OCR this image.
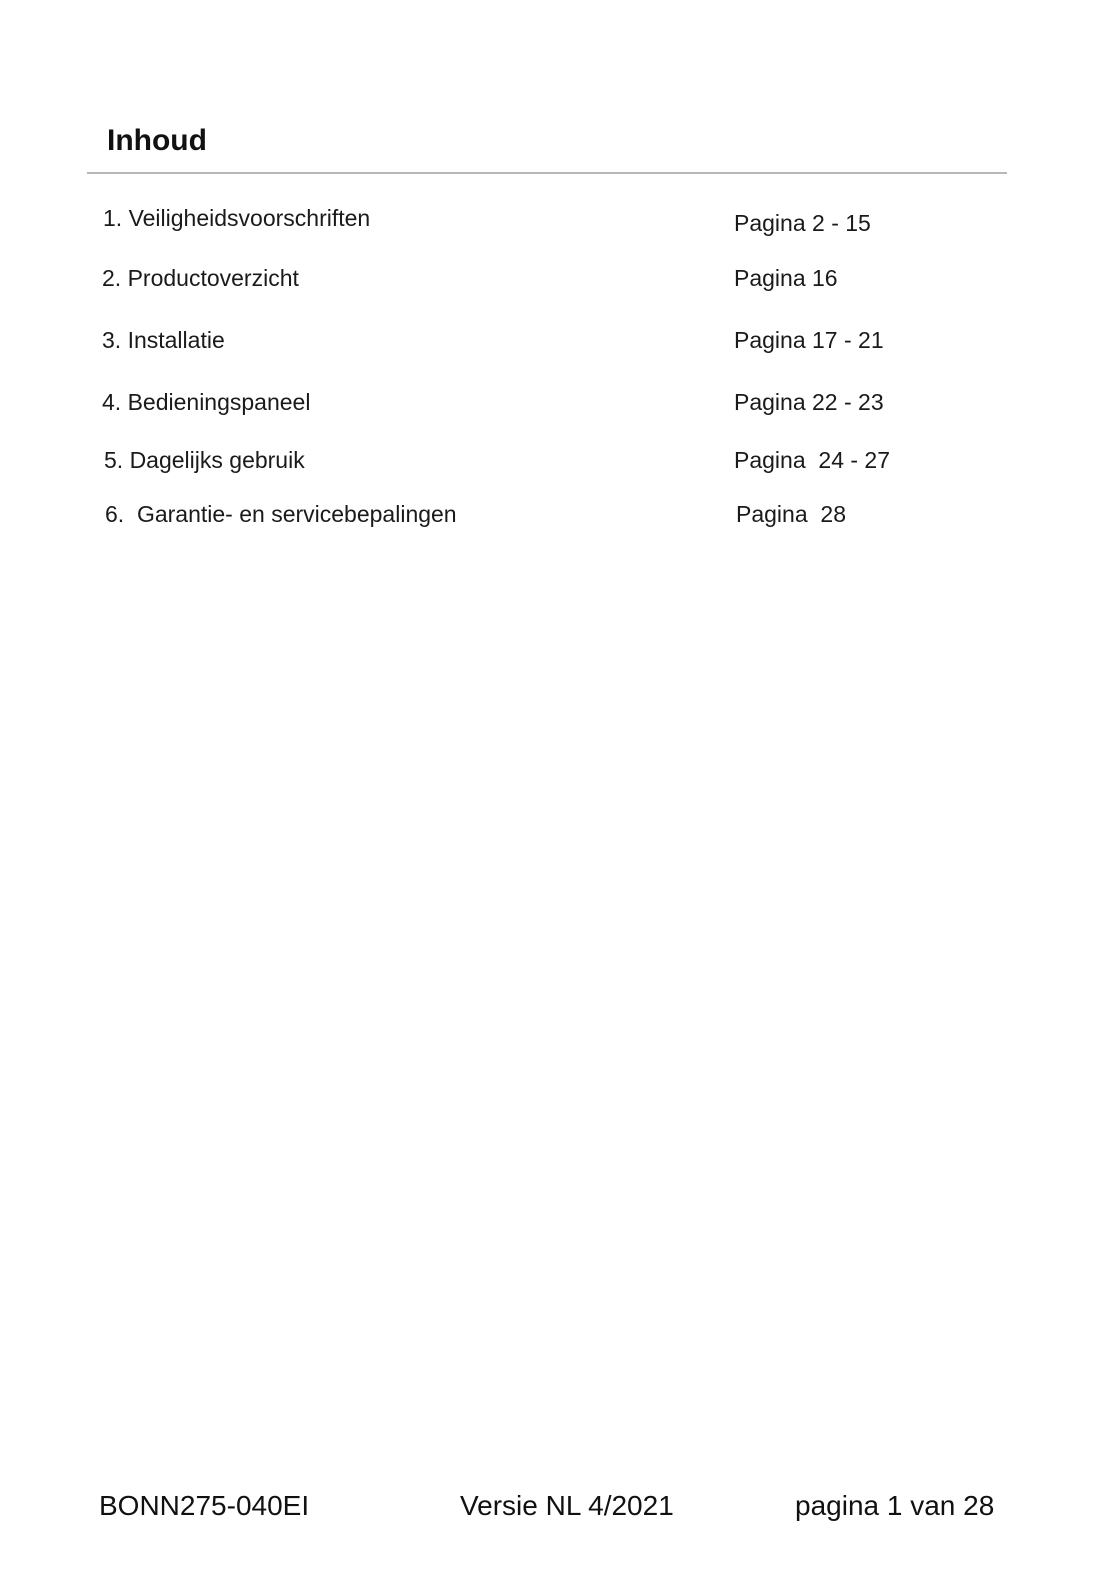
Inhoud
1. Veiligheidsvoorschriften	Pagina 2 - 15
2. Productoverzicht	Pagina 16
3. Installatie	Pagina 17 - 21
4. Bedieningspaneel	Pagina 22 - 23
5. Dagelijks gebruik	Pagina  24 - 27
6.  Garantie- en servicebepalingen	Pagina  28
BONN275-040EI	Versie NL 4/2021	pagina 1 van 28
